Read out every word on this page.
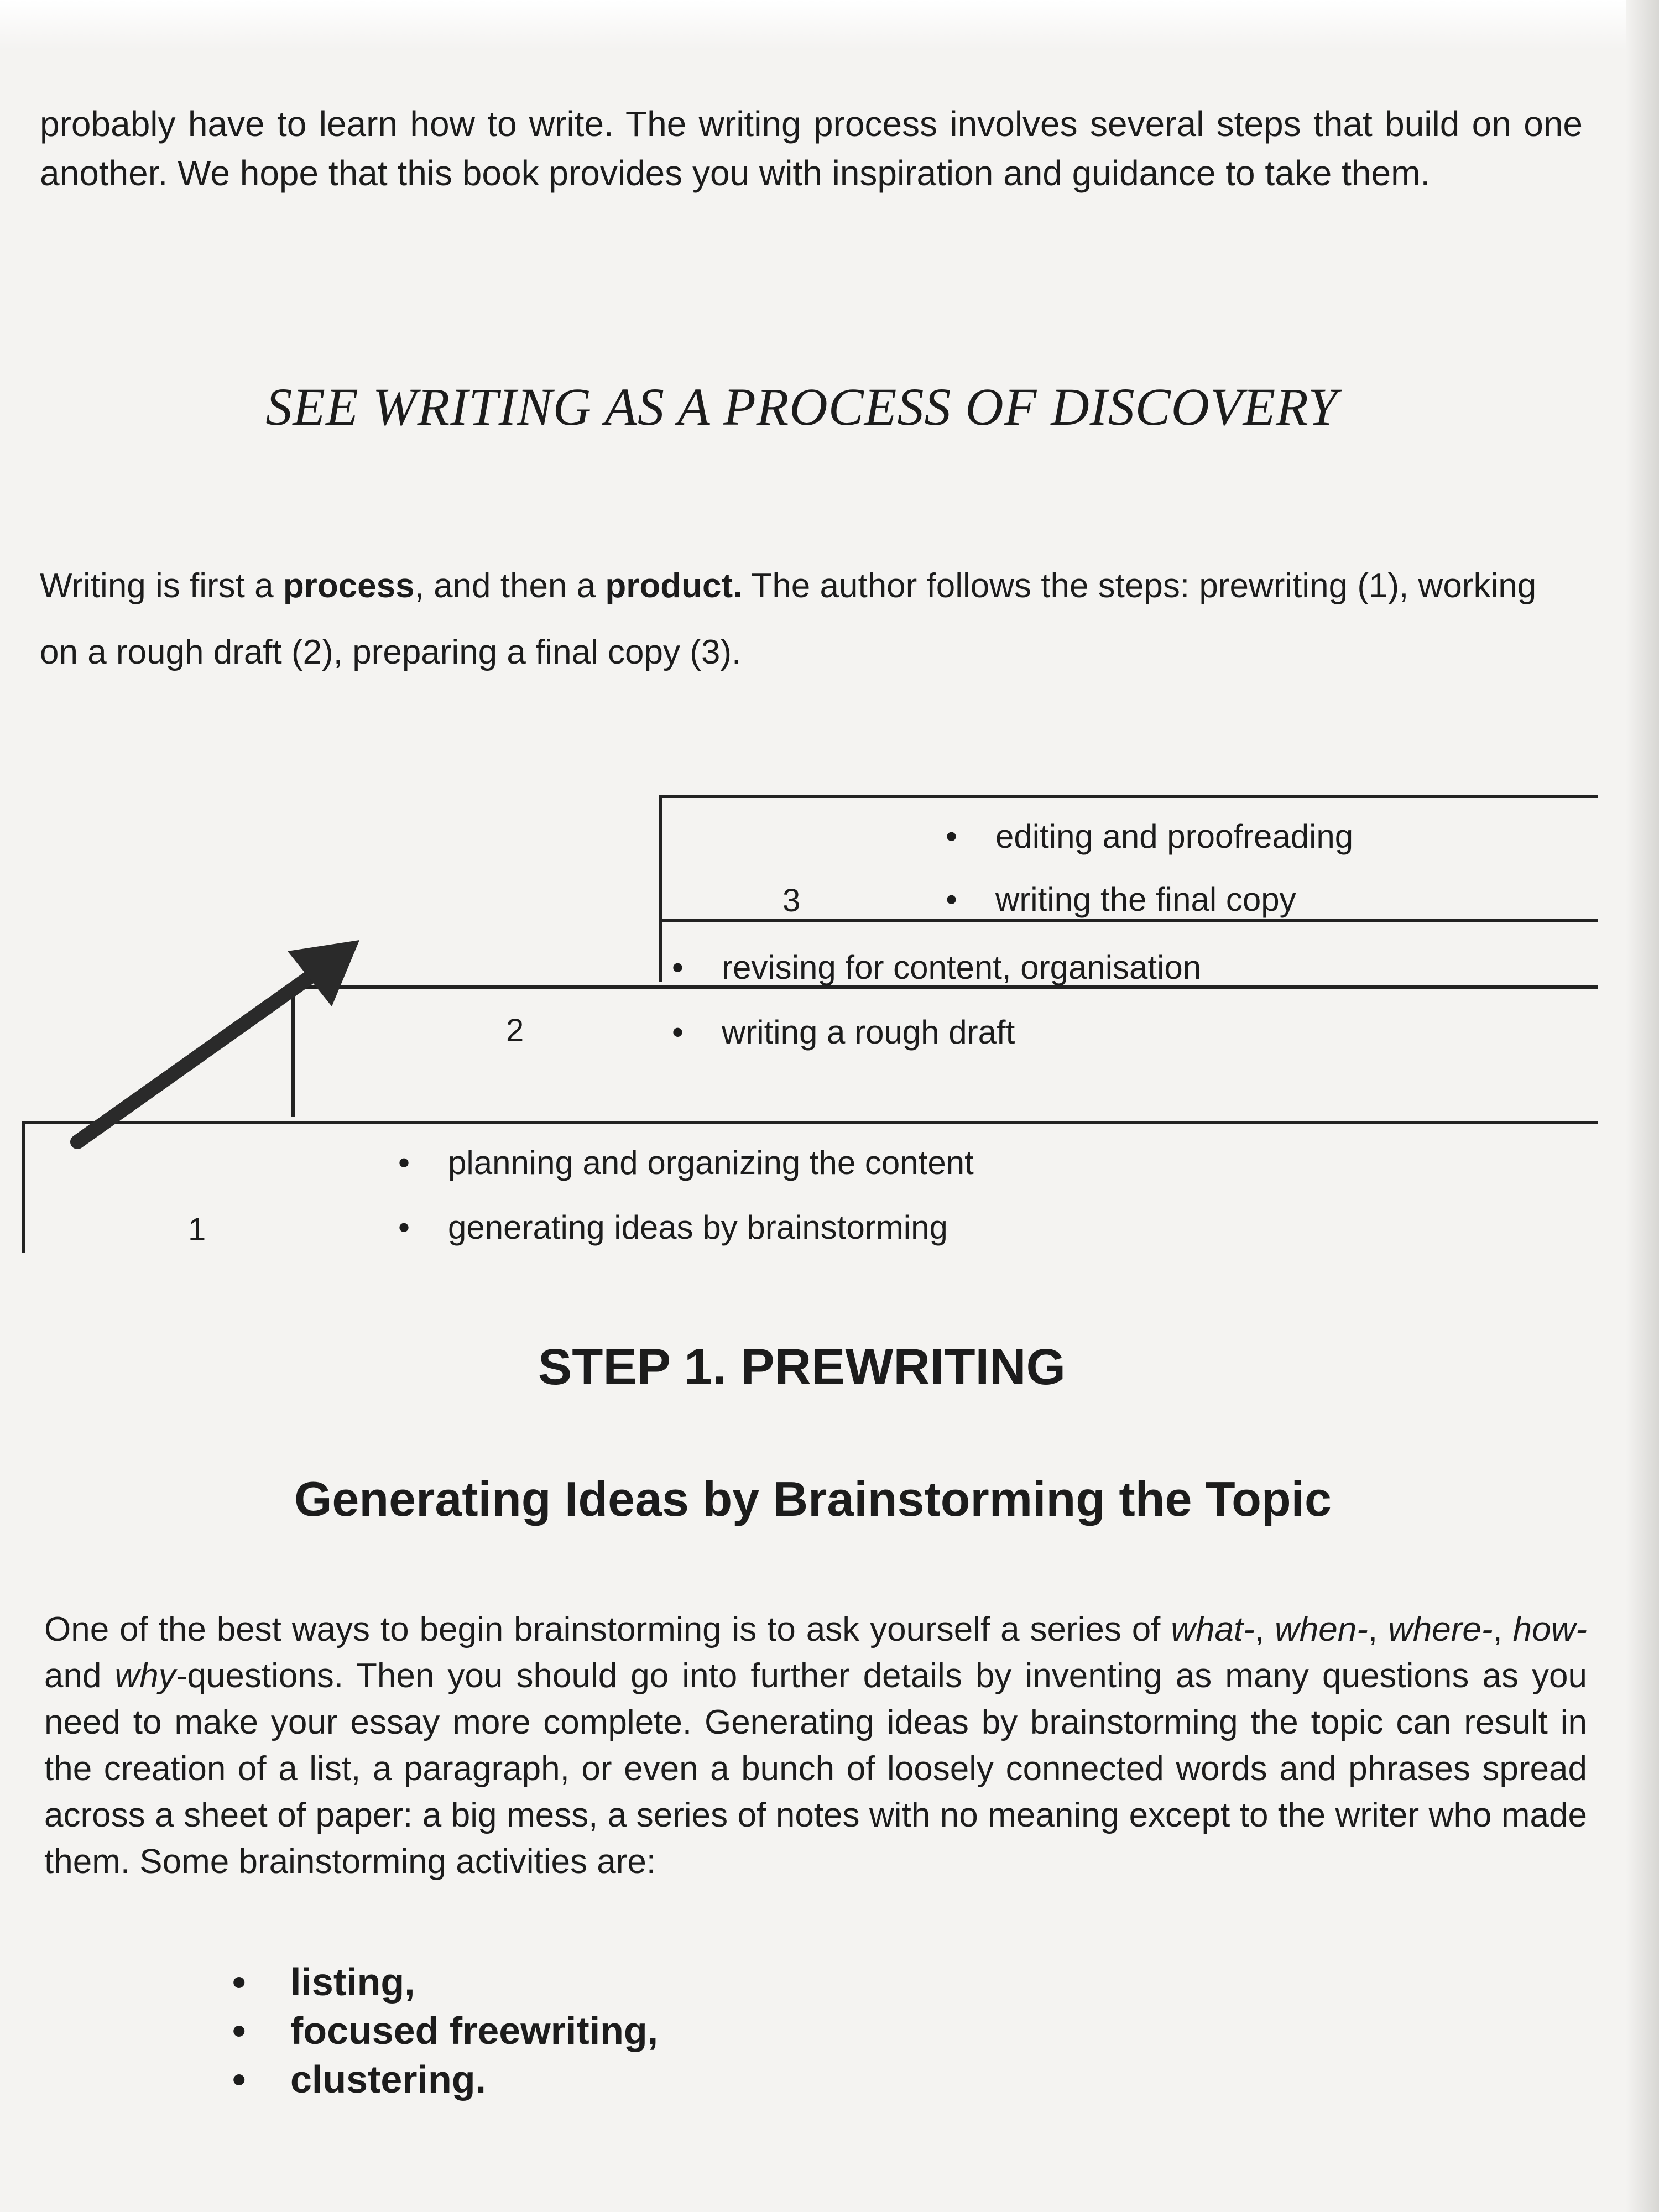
probably have to learn how to write. The writing process involves several steps that build on one another. We hope that this book provides you with inspiration and guidance to take them.

SEE WRITING AS A PROCESS OF DISCOVERY

Writing is first a process, and then a product. The author follows the steps: prewriting (1), working on a rough draft (2), preparing a final copy (3).

1
• planning and organizing the content
• generating ideas by brainstorming
2
• revising for content, organisation
• writing a rough draft
3
• editing and proofreading
• writing the final copy
STEP 1. PREWRITING
Generating Ideas by Brainstorming the Topic

One of the best ways to begin brainstorming is to ask yourself a series of what-, when-, where-, how- and why-questions. Then you should go into further details by inventing as many questions as you need to make your essay more complete. Generating ideas by brainstorming the topic can result in the creation of a list, a paragraph, or even a bunch of loosely connected words and phrases spread across a sheet of paper: a big mess, a series of notes with no meaning except to the writer who made them. Some brainstorming activities are:

• listing,
• focused freewriting,
• clustering.
